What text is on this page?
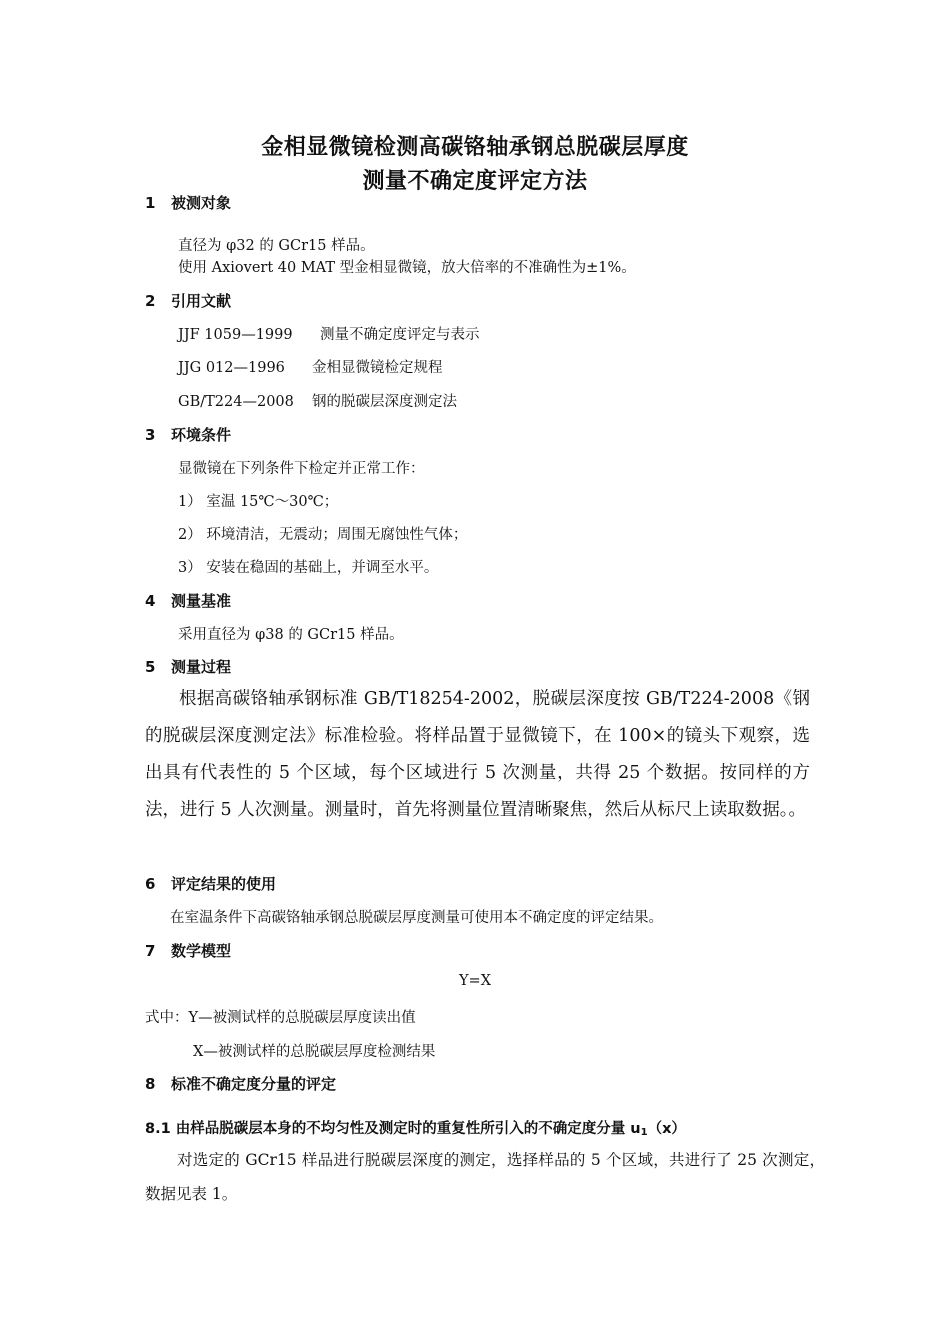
金相显微镜检测高碳铬轴承钢总脱碳层厚度
测量不确定度评定方法
1 被测对象
直径为 φ32 的 GCr15 样品。
使用 Axiovert 40 MAT 型金相显微镜，放大倍率的不准确性为±1%。
2 引用文献
JJF 1059—1999 测量不确定度评定与表示
JJG 012—1996 金相显微镜检定规程
GB/T224—2008 钢的脱碳层深度测定法
3 环境条件
显微镜在下列条件下检定并正常工作：
1） 室温 15℃～30℃；
2） 环境清洁，无震动；周围无腐蚀性气体；
3） 安装在稳固的基础上，并调至水平。
4 测量基准
采用直径为 φ38 的 GCr15 样品。
5 测量过程
根据高碳铬轴承钢标准 GB/T18254-2002，脱碳层深度按 GB/T224-2008《钢的脱碳层深度测定法》标准检验。将样品置于显微镜下，在 100×的镜头下观察，选出具有代表性的 5 个区域，每个区域进行 5 次测量，共得 25 个数据。按同样的方法，进行 5 人次测量。测量时，首先将测量位置清晰聚焦，然后从标尺上读取数据。。
6 评定结果的使用
在室温条件下高碳铬轴承钢总脱碳层厚度测量可使用本不确定度的评定结果。
7 数学模型
Y=X
式中：Y—被测试样的总脱碳层厚度读出值
X—被测试样的总脱碳层厚度检测结果
8 标准不确定度分量的评定
8.1 由样品脱碳层本身的不均匀性及测定时的重复性所引入的不确定度分量 $u_1(x)$
对选定的 GCr15 样品进行脱碳层深度的测定，选择样品的 5 个区域，共进行了 25 次测定，数据见表 1。
